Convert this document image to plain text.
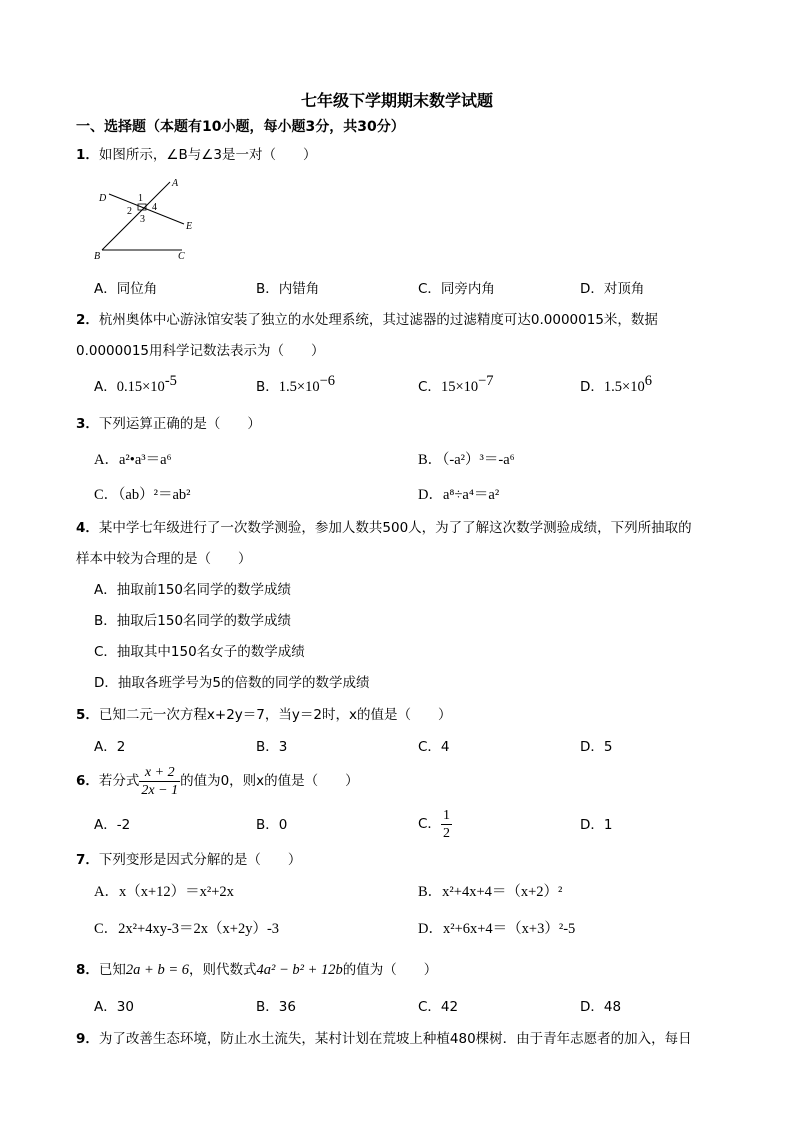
七年级下学期期末数学试题
一、选择题（本题有10小题，每小题3分，共30分）
1．如图所示，∠B与∠3是一对（　　）
A
D
E
B	C
1
2
3
4
A．同位角	B．内错角	C．同旁内角	D．对顶角
2．杭州奥体中心游泳馆安装了独立的水处理系统，其过滤器的过滤精度可达0.0000015米，数据
0.0000015用科学记数法表示为（　　）
A．$0.15\times 10^{-5}$	B．$1.5\times 10^{-6}$	C．$15\times 10^{-7}$	D．$1.5\times 10^6$
3．下列运算正确的是（　　）
A．a²•a³＝a⁶	B．（-a²）³＝-a⁶
C．（ab）²＝ab²	D．a⁸÷a⁴＝a²
4．某中学七年级进行了一次数学测验，参加人数共500人，为了了解这次数学测验成绩，下列所抽取的
样本中较为合理的是（　　）
A．抽取前150名同学的数学成绩
B．抽取后150名同学的数学成绩
C．抽取其中150名女子的数学成绩
D．抽取各班学号为5的倍数的同学的数学成绩
5．已知二元一次方程x+2y＝7，当y＝2时，x的值是（　　）
A．2	B．3	C．4	D．5
6．若分式 $\frac{x + 2}{2x - 1}$ 的值为0，则x的值是（　　）
A．-2	B．0	C． $\frac{1}{2}$	D．1
7．下列变形是因式分解的是（　　）
A．x（x+12）＝x²+2x	B．x²+4x+4＝（x+2）²
C．2x²+4xy-3＝2x（x+2y）-3	D．x²+6x+4＝（x+3）²-5
8．已知2a + b = 6，则代数式4a² − b² + 12b的值为（　　）
A．30	B．36	C．42	D．48
9．为了改善生态环境，防止水土流失，某村计划在荒坡上种植480棵树．由于青年志愿者的加入，每日
